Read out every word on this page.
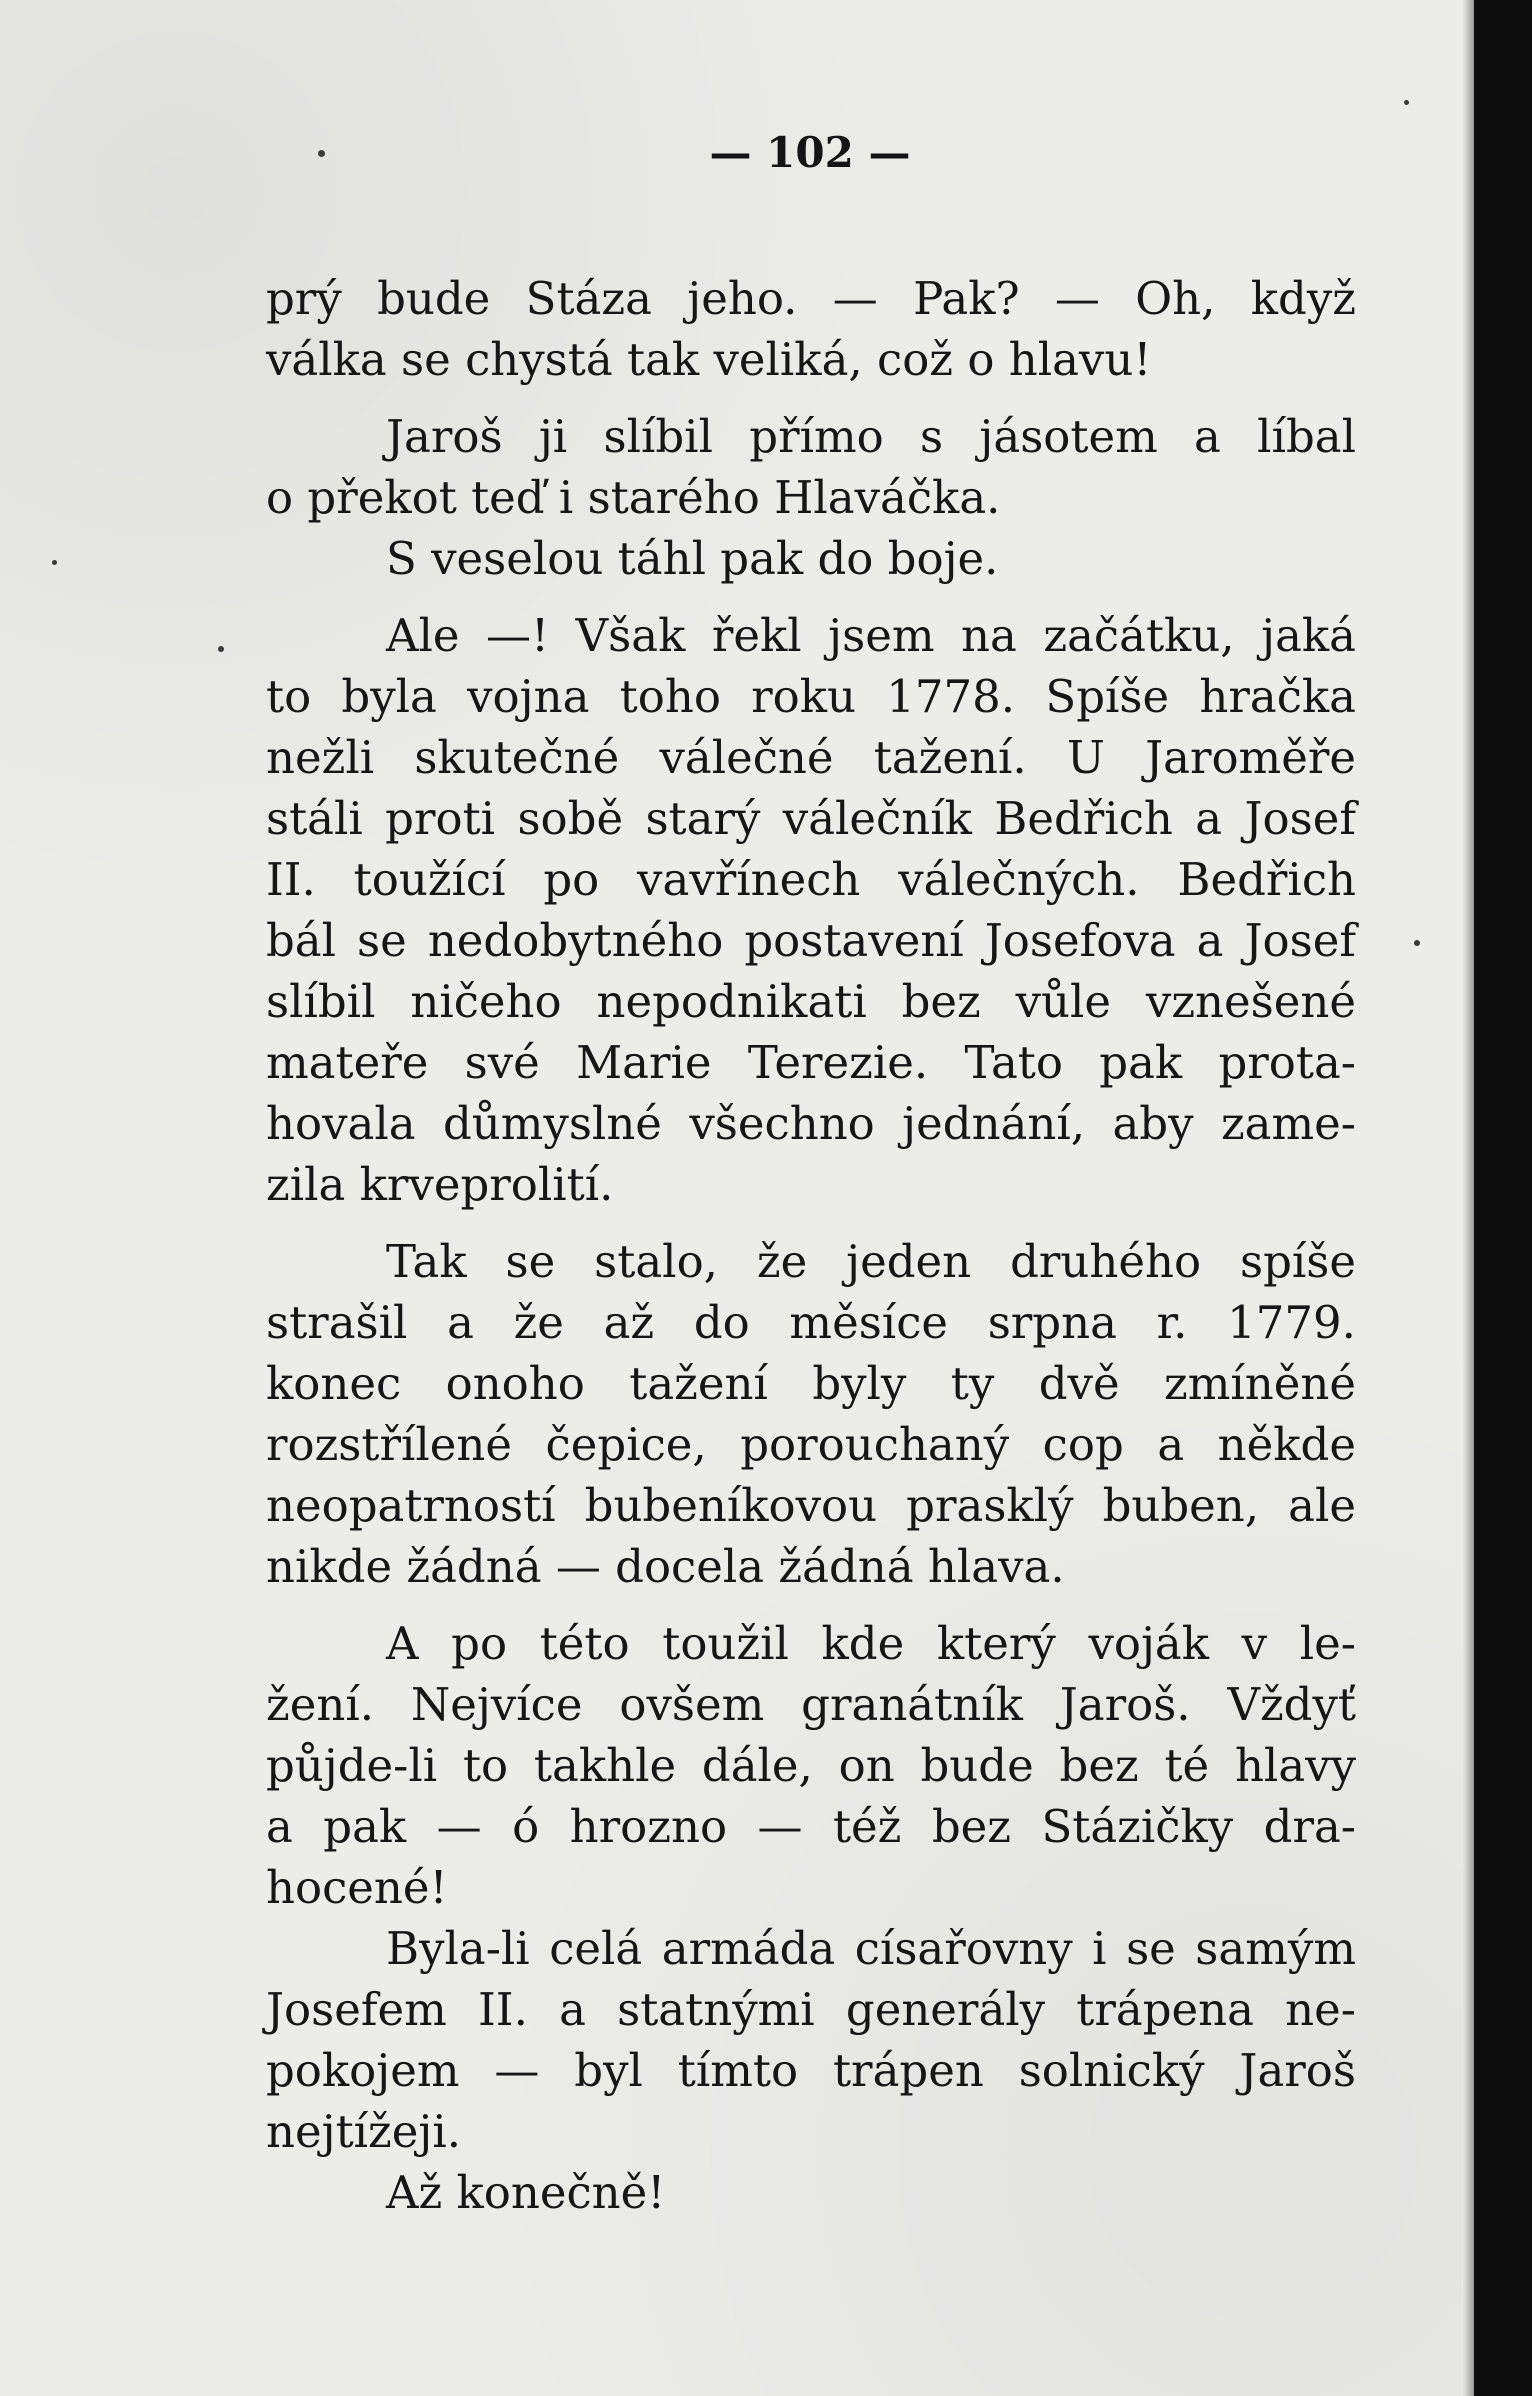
— 102 —
prý bude Stáza jeho. — Pak? — Oh, když
válka se chystá tak veliká, což o hlavu!
Jaroš ji slíbil přímo s jásotem a líbal
o překot teď i starého Hlaváčka.
S veselou táhl pak do boje.
Ale —! Však řekl jsem na začátku, jaká
to byla vojna toho roku 1778. Spíše hračka
nežli skutečné válečné tažení. U Jaroměře
stáli proti sobě starý válečník Bedřich a Josef
II. toužící po vavřínech válečných. Bedřich
bál se nedobytného postavení Josefova a Josef
slíbil ničeho nepodnikati bez vůle vznešené
mateře své Marie Terezie. Tato pak prota-
hovala důmyslné všechno jednání, aby zame-
zila krveprolití.
Tak se stalo, že jeden druhého spíše
strašil a že až do měsíce srpna r. 1779.
konec onoho tažení byly ty dvě zmíněné
rozstřílené čepice, porouchaný cop a někde
neopatrností bubeníkovou prasklý buben, ale
nikde žádná — docela žádná hlava.
A po této toužil kde který voják v le-
žení. Nejvíce ovšem granátník Jaroš. Vždyť
půjde-li to takhle dále, on bude bez té hlavy
a pak — ó hrozno — též bez Stázičky dra-
hocené!
Byla-li celá armáda císařovny i se samým
Josefem II. a statnými generály trápena ne-
pokojem — byl tímto trápen solnický Jaroš
nejtížeji.
Až konečně!
